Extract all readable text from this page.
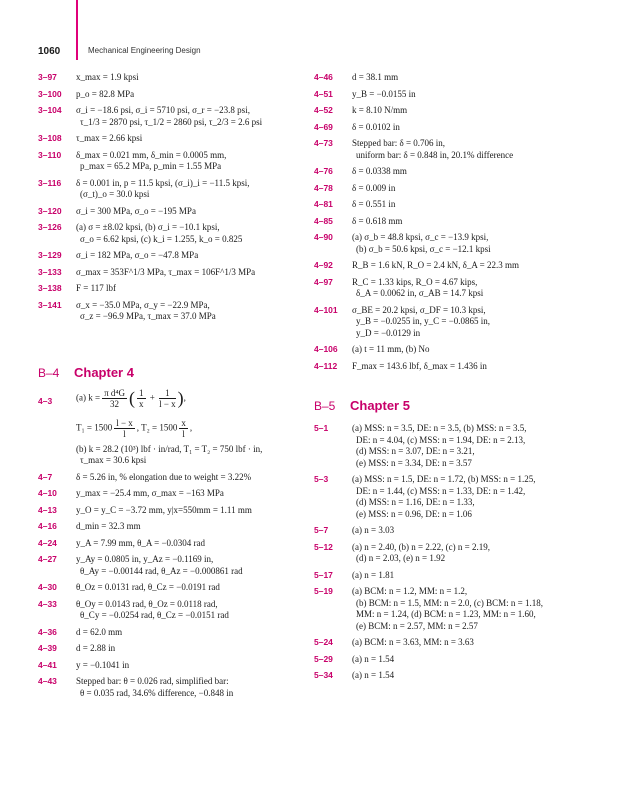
1060	Mechanical Engineering Design
3–97 x_max = 1.9 kpsi
3–100 p_o = 82.8 MPa
3–104 σ_i = −18.6 psi, σ_i = 5710 psi, σ_r = −23.8 psi,
τ_1/3 = 2870 psi, τ_1/2 = 2860 psi, τ_2/3 = 2.6 psi
3–108 τ_max = 2.66 kpsi
3–110 δ_max = 0.021 mm, δ_min = 0.0005 mm,
p_max = 65.2 MPa, p_min = 1.55 MPa
3–116 δ = 0.001 in, p = 11.5 kpsi, (σ_i)_i = −11.5 kpsi,
(σ_t)_o = 30.0 kpsi
3–120 σ_i = 300 MPa, σ_o = −195 MPa
3–126 (a) σ = ±8.02 kpsi, (b) σ_i = −10.1 kpsi,
σ_o = 6.62 kpsi, (c) k_i = 1.255, k_o = 0.825
3–129 σ_i = 182 MPa, σ_o = −47.8 MPa
3–133 σ_max = 353F^1/3 MPa, τ_max = 106F^1/3 MPa
3–138 F = 117 lbf
3–141 σ_x = −35.0 MPa, σ_y = −22.9 MPa,
σ_z = −96.9 MPa, τ_max = 37.0 MPa
B–4 Chapter 4
4–3	(a) $k = \frac{\text{π d⁴G}}{32}$ ( $\frac{1}{x} + \frac{1}{l - x}$ ),
$T_1 = 1500 \frac{l - x}{l}$ , $T_2 = 1500 \frac{x}{l}$ ,
(b) k = 28.2 (10³) lbf · in/rad, T₁ = T₂ = 750 lbf · in,
τ_max = 30.6 kpsi
4–7	δ = 5.26 in, % elongation due to weight = 3.22%
4–10 y_max = −25.4 mm, σ_max = −163 MPa
4–13 y_O = y_C = −3.72 mm, y|x=550mm = 1.11 mm
4–16 d_min = 32.3 mm
4–24 y_A = 7.99 mm, θ_A = −0.0304 rad
4–27 y_Ay = 0.0805 in, y_Az = −0.1169 in,
θ_Ay = −0.00144 rad, θ_Az = −0.000861 rad
4–30 θ_Oz = 0.0131 rad, θ_Cz = −0.0191 rad
4–33 θ_Oy = 0.0143 rad, θ_Oz = 0.0118 rad,
θ_Cy = −0.0254 rad, θ_Cz = −0.0151 rad
4–36 d = 62.0 mm
4–39 d = 2.88 in
4–41 y = −0.1041 in
4–43 Stepped bar: θ = 0.026 rad, simplified bar:
θ = 0.035 rad, 34.6% difference, −0.848 in
4–46 d = 38.1 mm
4–51 y_B = −0.0155 in
4–52 k = 8.10 N/mm
4–69 δ = 0.0102 in
4–73 Stepped bar: δ = 0.706 in,
uniform bar: δ = 0.848 in, 20.1% difference
4–76 δ = 0.0338 mm
4–78 δ = 0.009 in
4–81 δ = 0.551 in
4–85 δ = 0.618 mm
4–90 (a) σ_b = 48.8 kpsi, σ_c = −13.9 kpsi,
(b) σ_b = 50.6 kpsi, σ_c = −12.1 kpsi
4–92 R_B = 1.6 kN, R_O = 2.4 kN, δ_A = 22.3 mm
4–97 R_C = 1.33 kips, R_O = 4.67 kips,
δ_A = 0.0062 in, σ_AB = 14.7 kpsi
4–101 σ_BE = 20.2 kpsi, σ_DF = 10.3 kpsi,
y_B = −0.0255 in, y_C = −0.0865 in,
y_D = −0.0129 in
4–106 (a) t = 11 mm, (b) No
4–112 F_max = 143.6 lbf, δ_max = 1.436 in
B–5 Chapter 5
5–1	(a) MSS: n = 3.5, DE: n = 3.5, (b) MSS: n = 3.5,
DE: n = 4.04, (c) MSS: n = 1.94, DE: n = 2.13,
(d) MSS: n = 3.07, DE: n = 3.21,
(e) MSS: n = 3.34, DE: n = 3.57
5–3	(a) MSS: n = 1.5, DE: n = 1.72, (b) MSS: n = 1.25,
DE: n = 1.44, (c) MSS: n = 1.33, DE: n = 1.42,
(d) MSS: n = 1.16, DE: n = 1.33,
(e) MSS: n = 0.96, DE: n = 1.06
5–7	(a) n = 3.03
5–12 (a) n = 2.40, (b) n = 2.22, (c) n = 2.19,
(d) n = 2.03, (e) n = 1.92
5–17 (a) n = 1.81
5–19 (a) BCM: n = 1.2, MM: n = 1.2,
(b) BCM: n = 1.5, MM: n = 2.0, (c) BCM: n = 1.18,
MM: n = 1.24, (d) BCM: n = 1.23, MM: n = 1.60,
(e) BCM: n = 2.57, MM: n = 2.57
5–24 (a) BCM: n = 3.63, MM: n = 3.63
5–29 (a) n = 1.54
5–34 (a) n = 1.54
